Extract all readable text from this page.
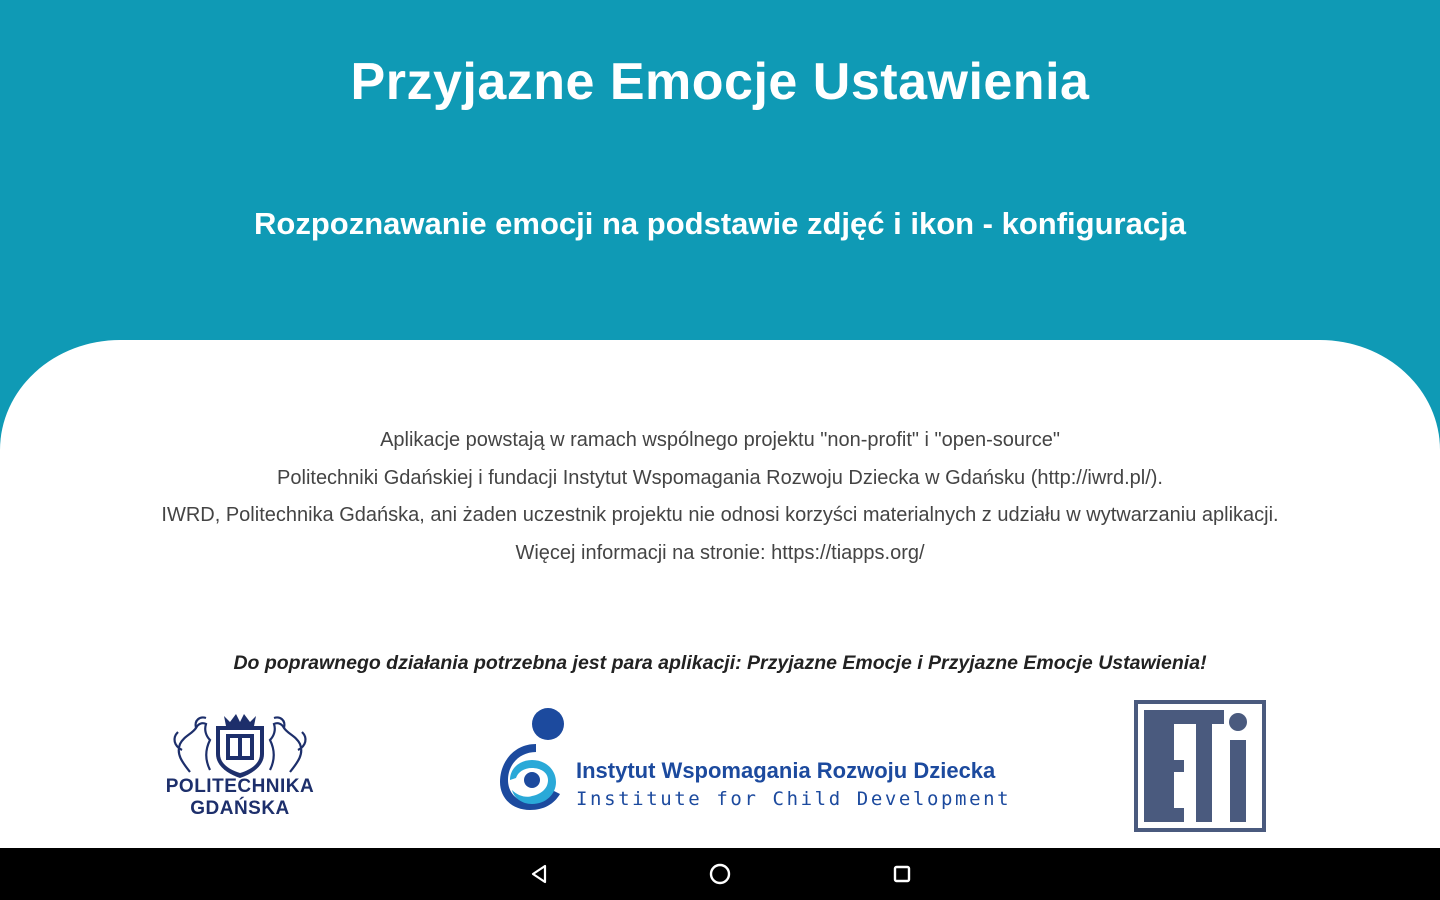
Przyjazne Emocje Ustawienia
Rozpoznawanie emocji na podstawie zdjęć i ikon - konfiguracja
Aplikacje powstają w ramach wspólnego projektu "non-profit" i "open-source"
Politechniki Gdańskiej i fundacji Instytut Wspomagania Rozwoju Dziecka w Gdańsku (http://iwrd.pl/).
IWRD, Politechnika Gdańska, ani żaden uczestnik projektu nie odnosi korzyści materialnych z udziału w wytwarzaniu aplikacji.
Więcej informacji na stronie: https://tiapps.org/
Do poprawnego działania potrzebna jest para aplikacji: Przyjazne Emocje i Przyjazne Emocje Ustawienia!
POLITECHNIKA
GDAŃSKA
Instytut Wspomagania Rozwoju Dziecka
Institute for Child Development
